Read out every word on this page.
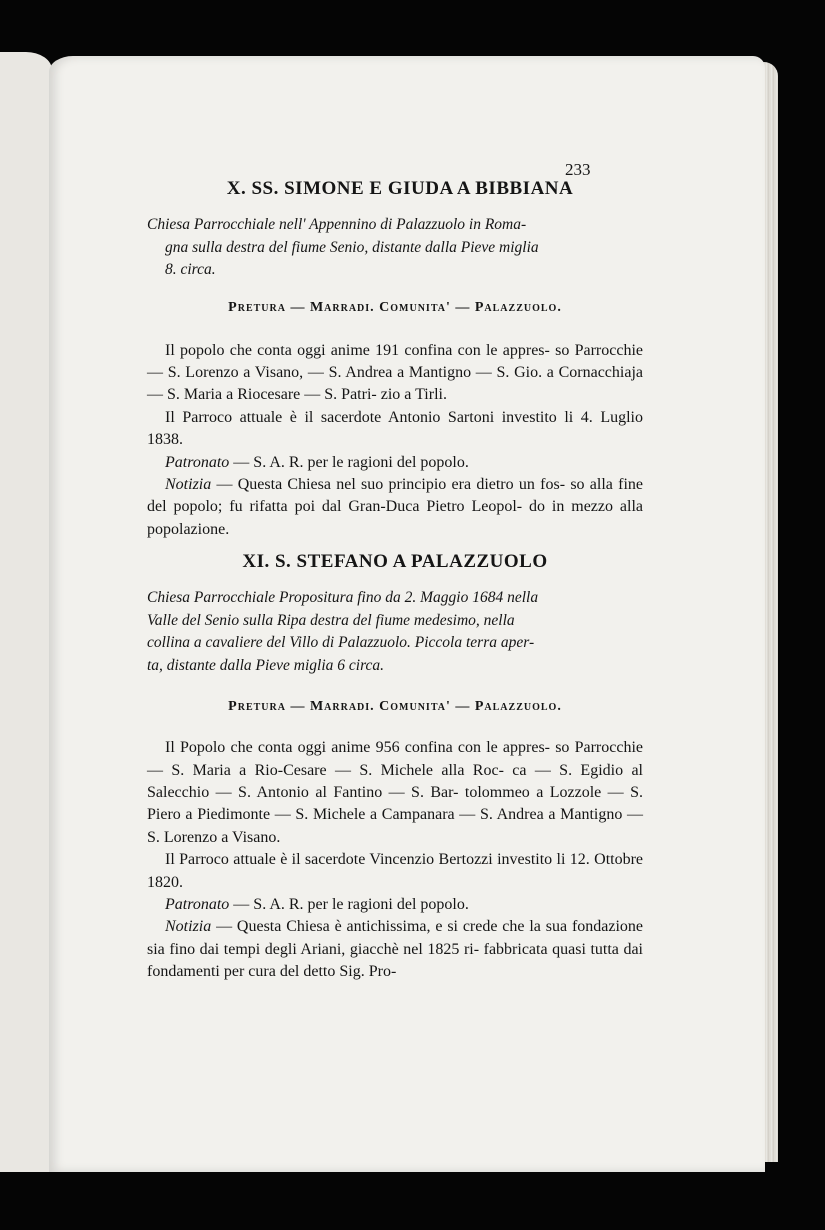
233
X. SS. SIMONE E GIUDA A BIBBIANA

Chiesa Parrocchiale nell' Appennino di Palazzuolo in Roma-
gna sulla destra del fiume Senio, distante dalla Pieve miglia
8. circa.

Pretura — Marradi. Comunita' — Palazzuolo.

Il popolo che conta oggi anime 191 confina con le appres- so Parrocchie — S. Lorenzo a Visano, — S. Andrea a Mantigno — S. Gio. a Cornacchiaja — S. Maria a Riocesare — S. Patri- zio a Tirli.
Il Parroco attuale è il sacerdote Antonio Sartoni investito li 4. Luglio 1838.
Patronato — S. A. R. per le ragioni del popolo.
Notizia — Questa Chiesa nel suo principio era dietro un fos- so alla fine del popolo; fu rifatta poi dal Gran-Duca Pietro Leopol- do in mezzo alla popolazione.
XI. S. STEFANO A PALAZZUOLO

Chiesa Parrocchiale Propositura fino da 2. Maggio 1684 nella
Valle del Senio sulla Ripa destra del fiume medesimo, nella
collina a cavaliere del Villo di Palazzuolo. Piccola terra aper-
ta, distante dalla Pieve miglia 6 circa.

Pretura — Marradi. Comunita' — Palazzuolo.

Il Popolo che conta oggi anime 956 confina con le appres- so Parrocchie — S. Maria a Rio-Cesare — S. Michele alla Roc- ca — S. Egidio al Salecchio — S. Antonio al Fantino — S. Bar- tolommeo a Lozzole — S. Piero a Piedimonte — S. Michele a Campanara — S. Andrea a Mantigno — S. Lorenzo a Visano.
Il Parroco attuale è il sacerdote Vincenzio Bertozzi investito li 12. Ottobre 1820.
Patronato — S. A. R. per le ragioni del popolo.
Notizia — Questa Chiesa è antichissima, e si crede che la sua fondazione sia fino dai tempi degli Ariani, giacchè nel 1825 ri- fabbricata quasi tutta dai fondamenti per cura del detto Sig. Pro-
